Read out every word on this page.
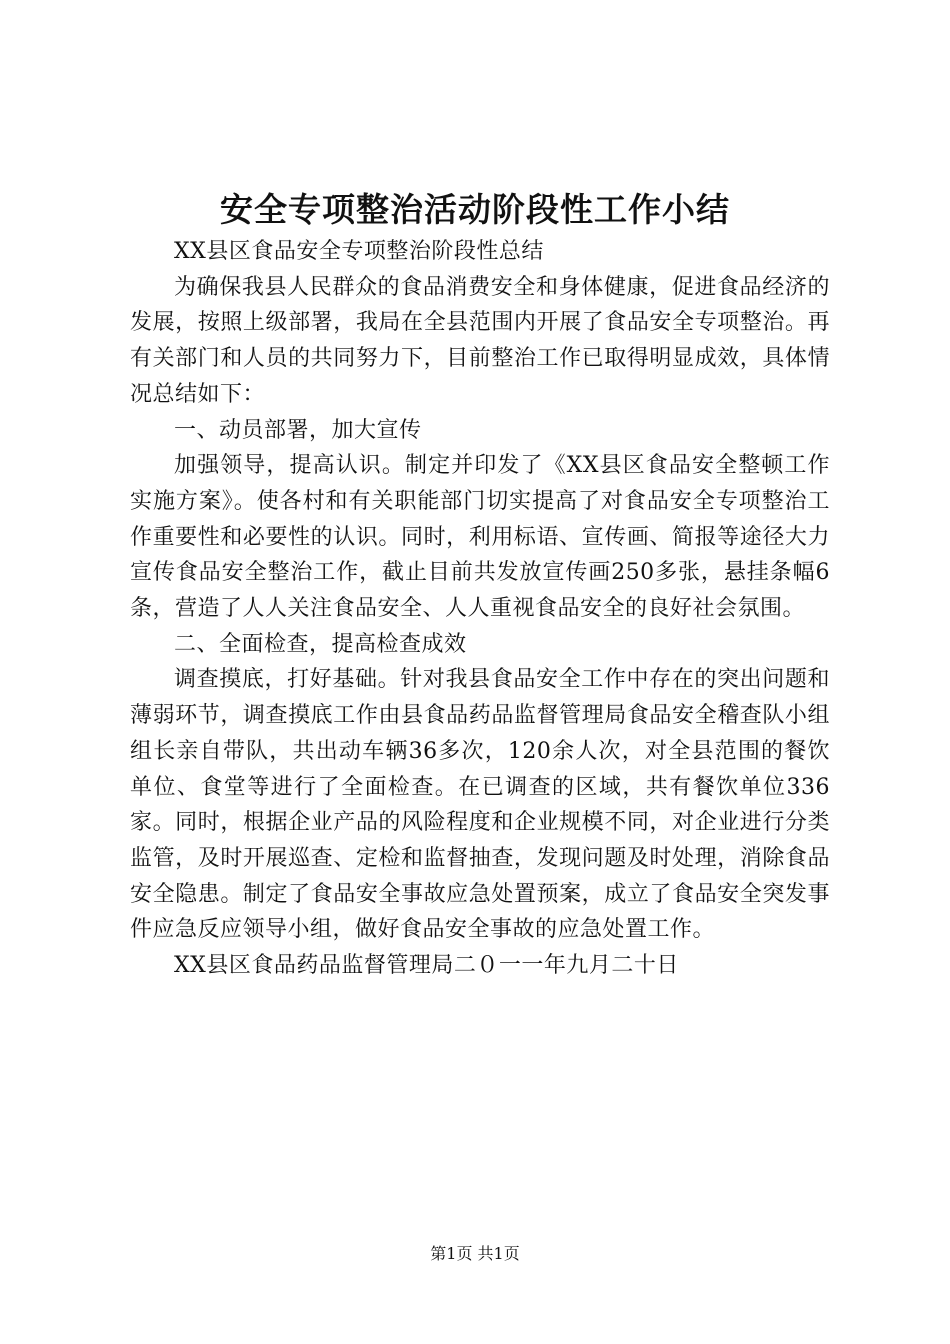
安全专项整治活动阶段性工作小结

XX县区食品安全专项整治阶段性总结

为确保我县人民群众的食品消费安全和身体健康，促进食品经济的发展，按照上级部署，我局在全县范围内开展了食品安全专项整治。再有关部门和人员的共同努力下，目前整治工作已取得明显成效，具体情况总结如下：

一、动员部署，加大宣传

加强领导，提高认识。制定并印发了《XX县区食品安全整顿工作实施方案》。使各村和有关职能部门切实提高了对食品安全专项整治工作重要性和必要性的认识。同时，利用标语、宣传画、简报等途径大力宣传食品安全整治工作，截止目前共发放宣传画250多张，悬挂条幅6条，营造了人人关注食品安全、人人重视食品安全的良好社会氛围。

二、全面检查，提高检查成效

调查摸底，打好基础。针对我县食品安全工作中存在的突出问题和薄弱环节，调查摸底工作由县食品药品监督管理局食品安全稽查队小组组长亲自带队，共出动车辆36多次，120余人次，对全县范围的餐饮单位、食堂等进行了全面检查。在已调查的区域，共有餐饮单位336家。同时，根据企业产品的风险程度和企业规模不同，对企业进行分类监管，及时开展巡查、定检和监督抽查，发现问题及时处理，消除食品安全隐患。制定了食品安全事故应急处置预案，成立了食品安全突发事件应急反应领导小组，做好食品安全事故的应急处置工作。

XX县区食品药品监督管理局二０一一年九月二十日

第1页 共1页
